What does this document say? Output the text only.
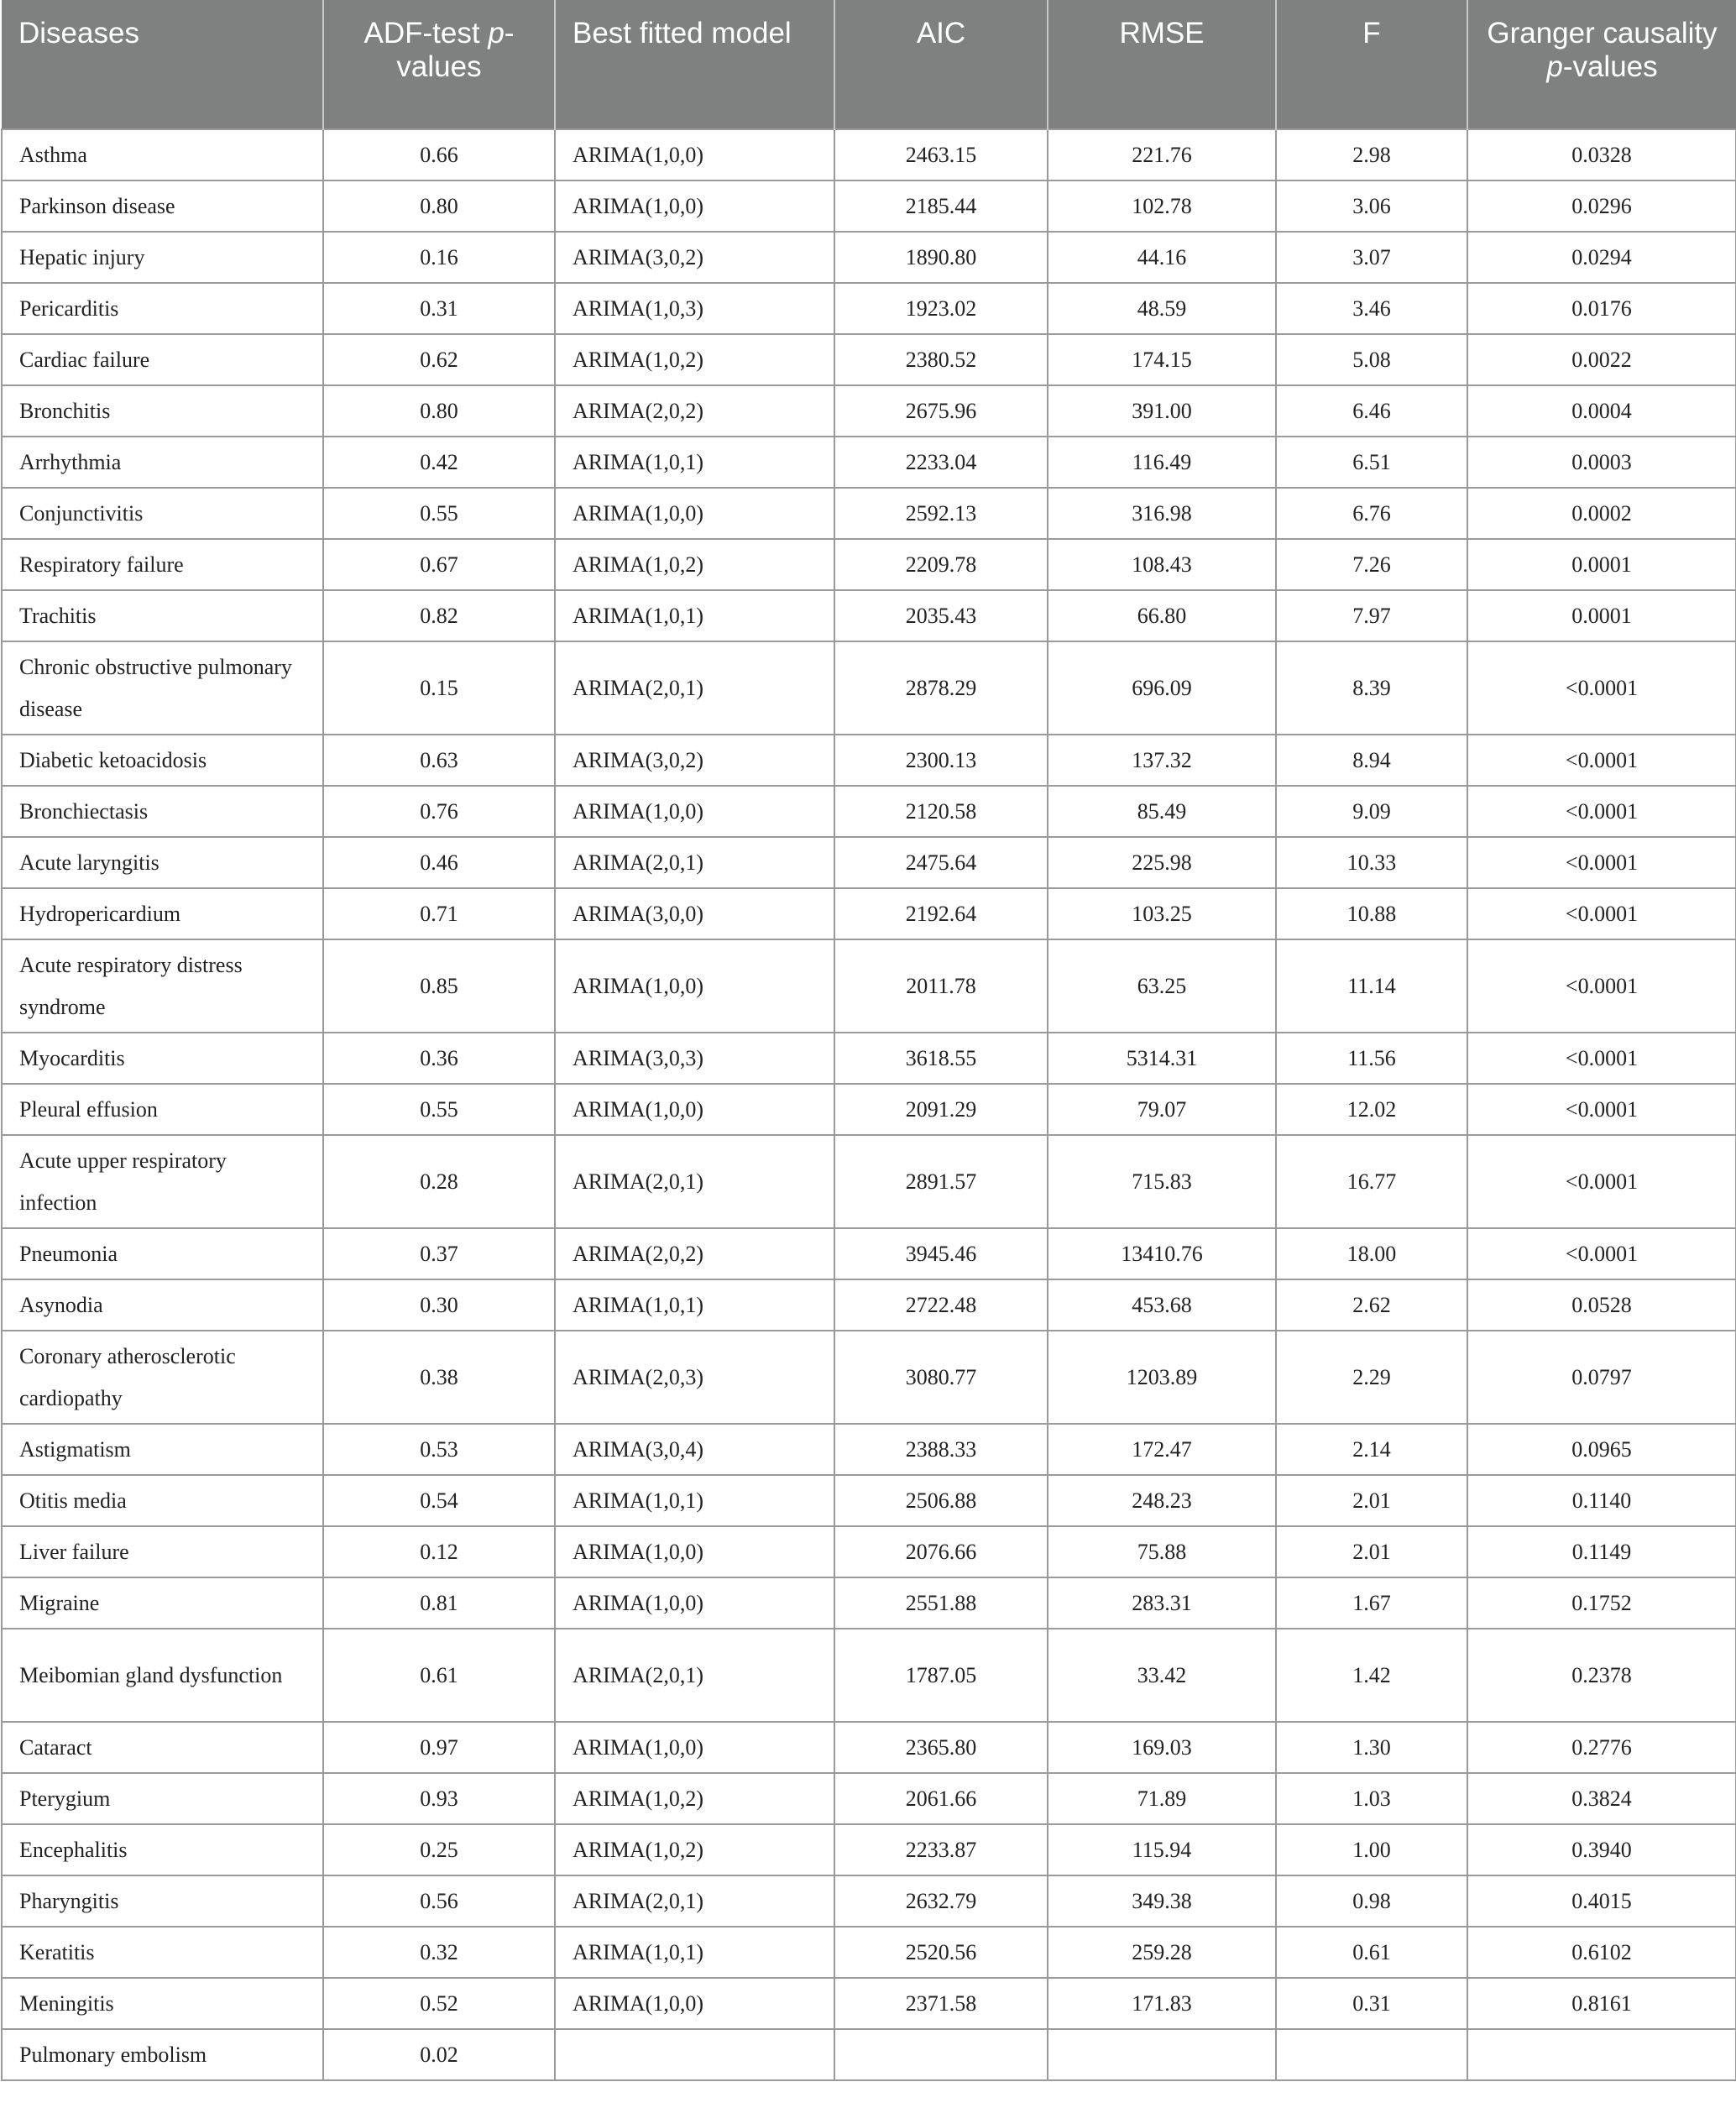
Diseases	ADF-test p-values	Best fitted model	AIC	RMSE	F	Granger causality p-values
Asthma	0.66	ARIMA(1,0,0)	2463.15	221.76	2.98	0.0328
Parkinson disease	0.80	ARIMA(1,0,0)	2185.44	102.78	3.06	0.0296
Hepatic injury	0.16	ARIMA(3,0,2)	1890.80	44.16	3.07	0.0294
Pericarditis	0.31	ARIMA(1,0,3)	1923.02	48.59	3.46	0.0176
Cardiac failure	0.62	ARIMA(1,0,2)	2380.52	174.15	5.08	0.0022
Bronchitis	0.80	ARIMA(2,0,2)	2675.96	391.00	6.46	0.0004
Arrhythmia	0.42	ARIMA(1,0,1)	2233.04	116.49	6.51	0.0003
Conjunctivitis	0.55	ARIMA(1,0,0)	2592.13	316.98	6.76	0.0002
Respiratory failure	0.67	ARIMA(1,0,2)	2209.78	108.43	7.26	0.0001
Trachitis	0.82	ARIMA(1,0,1)	2035.43	66.80	7.97	0.0001
Chronic obstructive pulmonary disease	0.15	ARIMA(2,0,1)	2878.29	696.09	8.39	<0.0001
Diabetic ketoacidosis	0.63	ARIMA(3,0,2)	2300.13	137.32	8.94	<0.0001
Bronchiectasis	0.76	ARIMA(1,0,0)	2120.58	85.49	9.09	<0.0001
Acute laryngitis	0.46	ARIMA(2,0,1)	2475.64	225.98	10.33	<0.0001
Hydropericardium	0.71	ARIMA(3,0,0)	2192.64	103.25	10.88	<0.0001
Acute respiratory distress syndrome	0.85	ARIMA(1,0,0)	2011.78	63.25	11.14	<0.0001
Myocarditis	0.36	ARIMA(3,0,3)	3618.55	5314.31	11.56	<0.0001
Pleural effusion	0.55	ARIMA(1,0,0)	2091.29	79.07	12.02	<0.0001
Acute upper respiratory infection	0.28	ARIMA(2,0,1)	2891.57	715.83	16.77	<0.0001
Pneumonia	0.37	ARIMA(2,0,2)	3945.46	13410.76	18.00	<0.0001
Asynodia	0.30	ARIMA(1,0,1)	2722.48	453.68	2.62	0.0528
Coronary atherosclerotic cardiopathy	0.38	ARIMA(2,0,3)	3080.77	1203.89	2.29	0.0797
Astigmatism	0.53	ARIMA(3,0,4)	2388.33	172.47	2.14	0.0965
Otitis media	0.54	ARIMA(1,0,1)	2506.88	248.23	2.01	0.1140
Liver failure	0.12	ARIMA(1,0,0)	2076.66	75.88	2.01	0.1149
Migraine	0.81	ARIMA(1,0,0)	2551.88	283.31	1.67	0.1752
Meibomian gland dysfunction	0.61	ARIMA(2,0,1)	1787.05	33.42	1.42	0.2378
Cataract	0.97	ARIMA(1,0,0)	2365.80	169.03	1.30	0.2776
Pterygium	0.93	ARIMA(1,0,2)	2061.66	71.89	1.03	0.3824
Encephalitis	0.25	ARIMA(1,0,2)	2233.87	115.94	1.00	0.3940
Pharyngitis	0.56	ARIMA(2,0,1)	2632.79	349.38	0.98	0.4015
Keratitis	0.32	ARIMA(1,0,1)	2520.56	259.28	0.61	0.6102
Meningitis	0.52	ARIMA(1,0,0)	2371.58	171.83	0.31	0.8161
Pulmonary embolism	0.02					
